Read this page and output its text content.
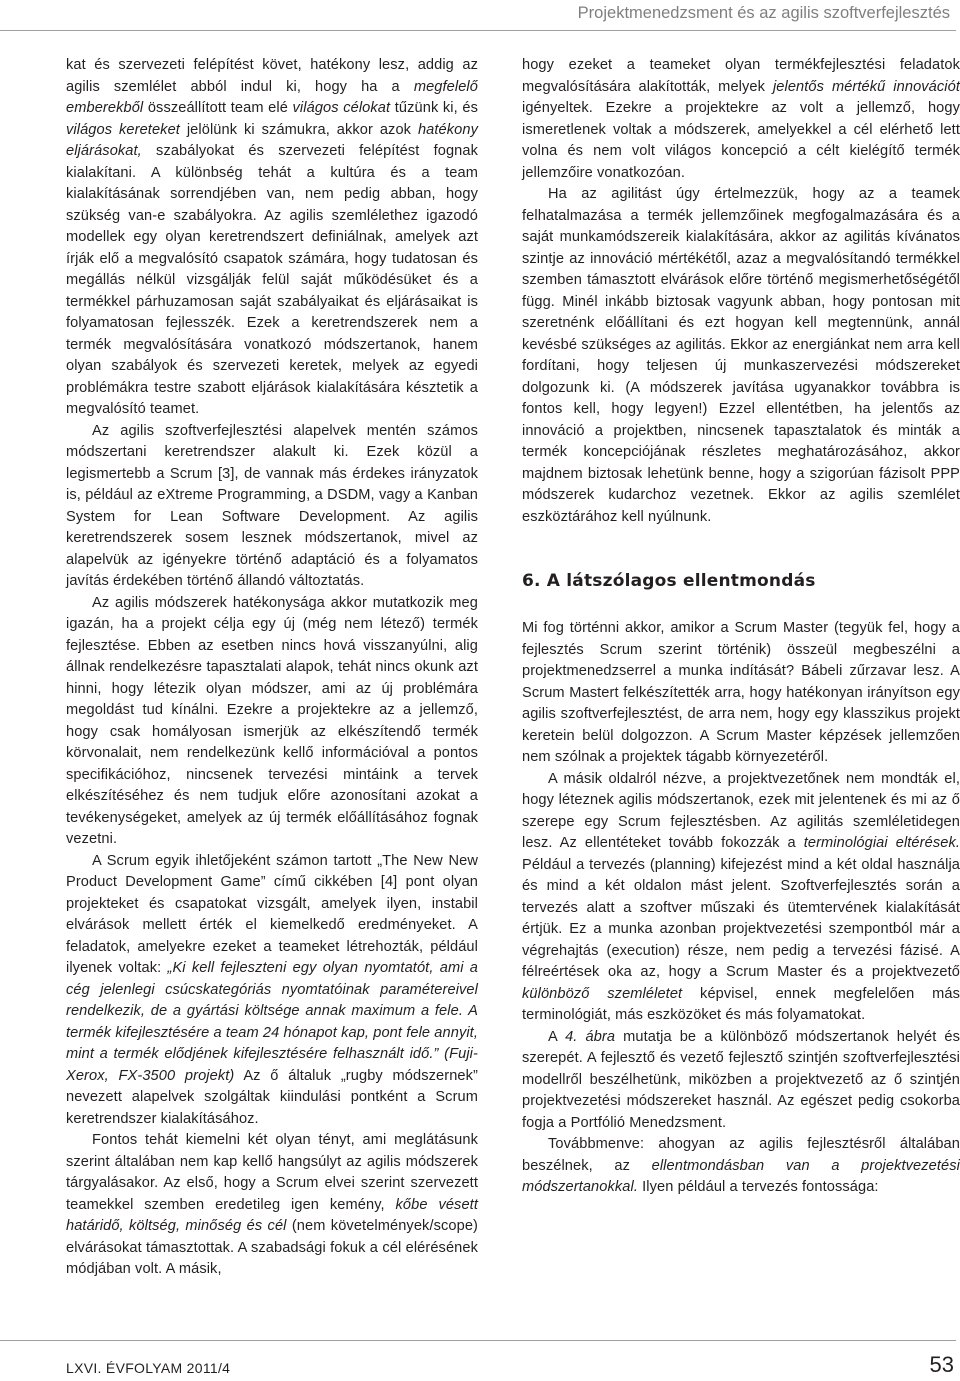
Projektmenedzsment és az agilis szoftverfejlesztés

kat és szervezeti felépítést követ, hatékony lesz, addig az agilis szemlélet abból indul ki, hogy ha a megfelelő emberekből összeállított team elé világos célokat tűzünk ki, és világos kereteket jelölünk ki számukra, akkor azok hatékony eljárásokat, szabályokat és szervezeti felépítést fognak kialakítani. A különbség tehát a kultúra és a team kialakításának sorrendjében van, nem pedig abban, hogy szükség van-e szabályokra. Az agilis szemlélethez igazodó modellek egy olyan keretrendszert definiálnak, amelyek azt írják elő a megvalósító csapatok számára, hogy tudatosan és megállás nélkül vizsgálják felül saját működésüket és a termékkel párhuzamosan saját szabályaikat és eljárásaikat is folyamatosan fejlesszék. Ezek a keretrendszerek nem a termék megvalósítására vonatkozó módszertanok, hanem olyan szabályok és szervezeti keretek, melyek az egyedi problémákra testre szabott eljárások kialakítására késztetik a megvalósító teamet.

Az agilis szoftverfejlesztési alapelvek mentén számos módszertani keretrendszer alakult ki. Ezek közül a legismertebb a Scrum [3], de vannak más érdekes irányzatok is, például az eXtreme Programming, a DSDM, vagy a Kanban System for Lean Software Development. Az agilis keretrendszerek sosem lesznek módszertanok, mivel az alapelvük az igényekre történő adaptáció és a folyamatos javítás érdekében történő állandó változtatás.

Az agilis módszerek hatékonysága akkor mutatkozik meg igazán, ha a projekt célja egy új (még nem létező) termék fejlesztése. Ebben az esetben nincs hová visszanyúlni, alig állnak rendelkezésre tapasztalati alapok, tehát nincs okunk azt hinni, hogy létezik olyan módszer, ami az új problémára megoldást tud kínálni. Ezekre a projektekre az a jellemző, hogy csak homályosan ismerjük az elkészítendő termék körvonalait, nem rendelkezünk kellő információval a pontos specifikációhoz, nincsenek tervezési mintáink a tervek elkészítéséhez és nem tudjuk előre azonosítani azokat a tevékenységeket, amelyek az új termék előállításához fognak vezetni.

A Scrum egyik ihletőjeként számon tartott „The New New Product Development Game” című cikkében [4] pont olyan projekteket és csapatokat vizsgált, amelyek ilyen, instabil elvárások mellett érték el kiemelkedő eredményeket. A feladatok, amelyekre ezeket a teameket létrehozták, például ilyenek voltak: „Ki kell fejleszteni egy olyan nyomtatót, ami a cég jelenlegi csúcskategóriás nyomtatóinak paramétereivel rendelkezik, de a gyártási költsége annak maximum a fele. A termék kifejlesztésére a team 24 hónapot kap, pont fele annyit, mint a termék elődjének kifejlesztésére felhasznált idő.” (Fuji-Xerox, FX-3500 projekt) Az ő általuk „rugby módszernek” nevezett alapelvek szolgáltak kiindulási pontként a Scrum keretrendszer kialakításához.

Fontos tehát kiemelni két olyan tényt, ami meglátásunk szerint általában nem kap kellő hangsúlyt az agilis módszerek tárgyalásakor. Az első, hogy a Scrum elvei szerint szervezett teamekkel szemben eredetileg igen kemény, kőbe vésett határidő, költség, minőség és cél (nem követelmények/scope) elvárásokat támasztottak. A szabadsági fokuk a cél elérésének módjában volt. A másik,

hogy ezeket a teameket olyan termékfejlesztési feladatok megvalósítására alakították, melyek jelentős mértékű innovációt igényeltek. Ezekre a projektekre az volt a jellemző, hogy ismeretlenek voltak a módszerek, amelyekkel a cél elérhető lett volna és nem volt világos koncepció a célt kielégítő termék jellemzőire vonatkozóan.

Ha az agilitást úgy értelmezzük, hogy az a teamek felhatalmazása a termék jellemzőinek megfogalmazására és a saját munkamódszereik kialakítására, akkor az agilitás kívánatos szintje az innováció mértékétől, azaz a megvalósítandó termékkel szemben támasztott elvárások előre történő megismerhetőségétől függ. Minél inkább biztosak vagyunk abban, hogy pontosan mit szeretnénk előállítani és ezt hogyan kell megtennünk, annál kevésbé szükséges az agilitás. Ekkor az energiánkat nem arra kell fordítani, hogy teljesen új munkaszervezési módszereket dolgozunk ki. (A módszerek javítása ugyanakkor továbbra is fontos kell, hogy legyen!) Ezzel ellentétben, ha jelentős az innováció a projektben, nincsenek tapasztalatok és minták a termék koncepciójának részletes meghatározásához, akkor majdnem biztosak lehetünk benne, hogy a szigorúan fázisolt PPP módszerek kudarchoz vezetnek. Ekkor az agilis szemlélet eszköztárához kell nyúlnunk.

6. A látszólagos ellentmondás

Mi fog történni akkor, amikor a Scrum Master (tegyük fel, hogy a fejlesztés Scrum szerint történik) összeül megbeszélni a projektmenedzserrel a munka indítását? Bábeli zűrzavar lesz. A Scrum Mastert felkészítették arra, hogy hatékonyan irányítson egy agilis szoftverfejlesztést, de arra nem, hogy egy klasszikus projekt keretein belül dolgozzon. A Scrum Master képzések jellemzően nem szólnak a projektek tágabb környezetéről.

A másik oldalról nézve, a projektvezetőnek nem mondták el, hogy léteznek agilis módszertanok, ezek mit jelentenek és mi az ő szerepe egy Scrum fejlesztésben. Az agilitás szemléletidegen lesz. Az ellentéteket tovább fokozzák a terminológiai eltérések. Például a tervezés (planning) kifejezést mind a két oldal használja és mind a két oldalon mást jelent. Szoftverfejlesztés során a tervezés alatt a szoftver műszaki és ütemtervének kialakítását értjük. Ez a munka azonban projektvezetési szempontból már a végrehajtás (execution) része, nem pedig a tervezési fázisé. A félreértések oka az, hogy a Scrum Master és a projektvezető különböző szemléletet képvisel, ennek megfelelően más terminológiát, más eszközöket és más folyamatokat.

A 4. ábra mutatja be a különböző módszertanok helyét és szerepét. A fejlesztő és vezető fejlesztő szintjén szoftverfejlesztési modellről beszélhetünk, miközben a projektvezető az ő szintjén projektvezetési módszereket használ. Az egészet pedig csokorba fogja a Portfólió Menedzsment.

Továbbmenve: ahogyan az agilis fejlesztésről általában beszélnek, az ellentmondásban van a projektvezetési módszertanokkal. Ilyen például a tervezés fontossága:

LXVI. ÉVFOLYAM 2011/4	53
